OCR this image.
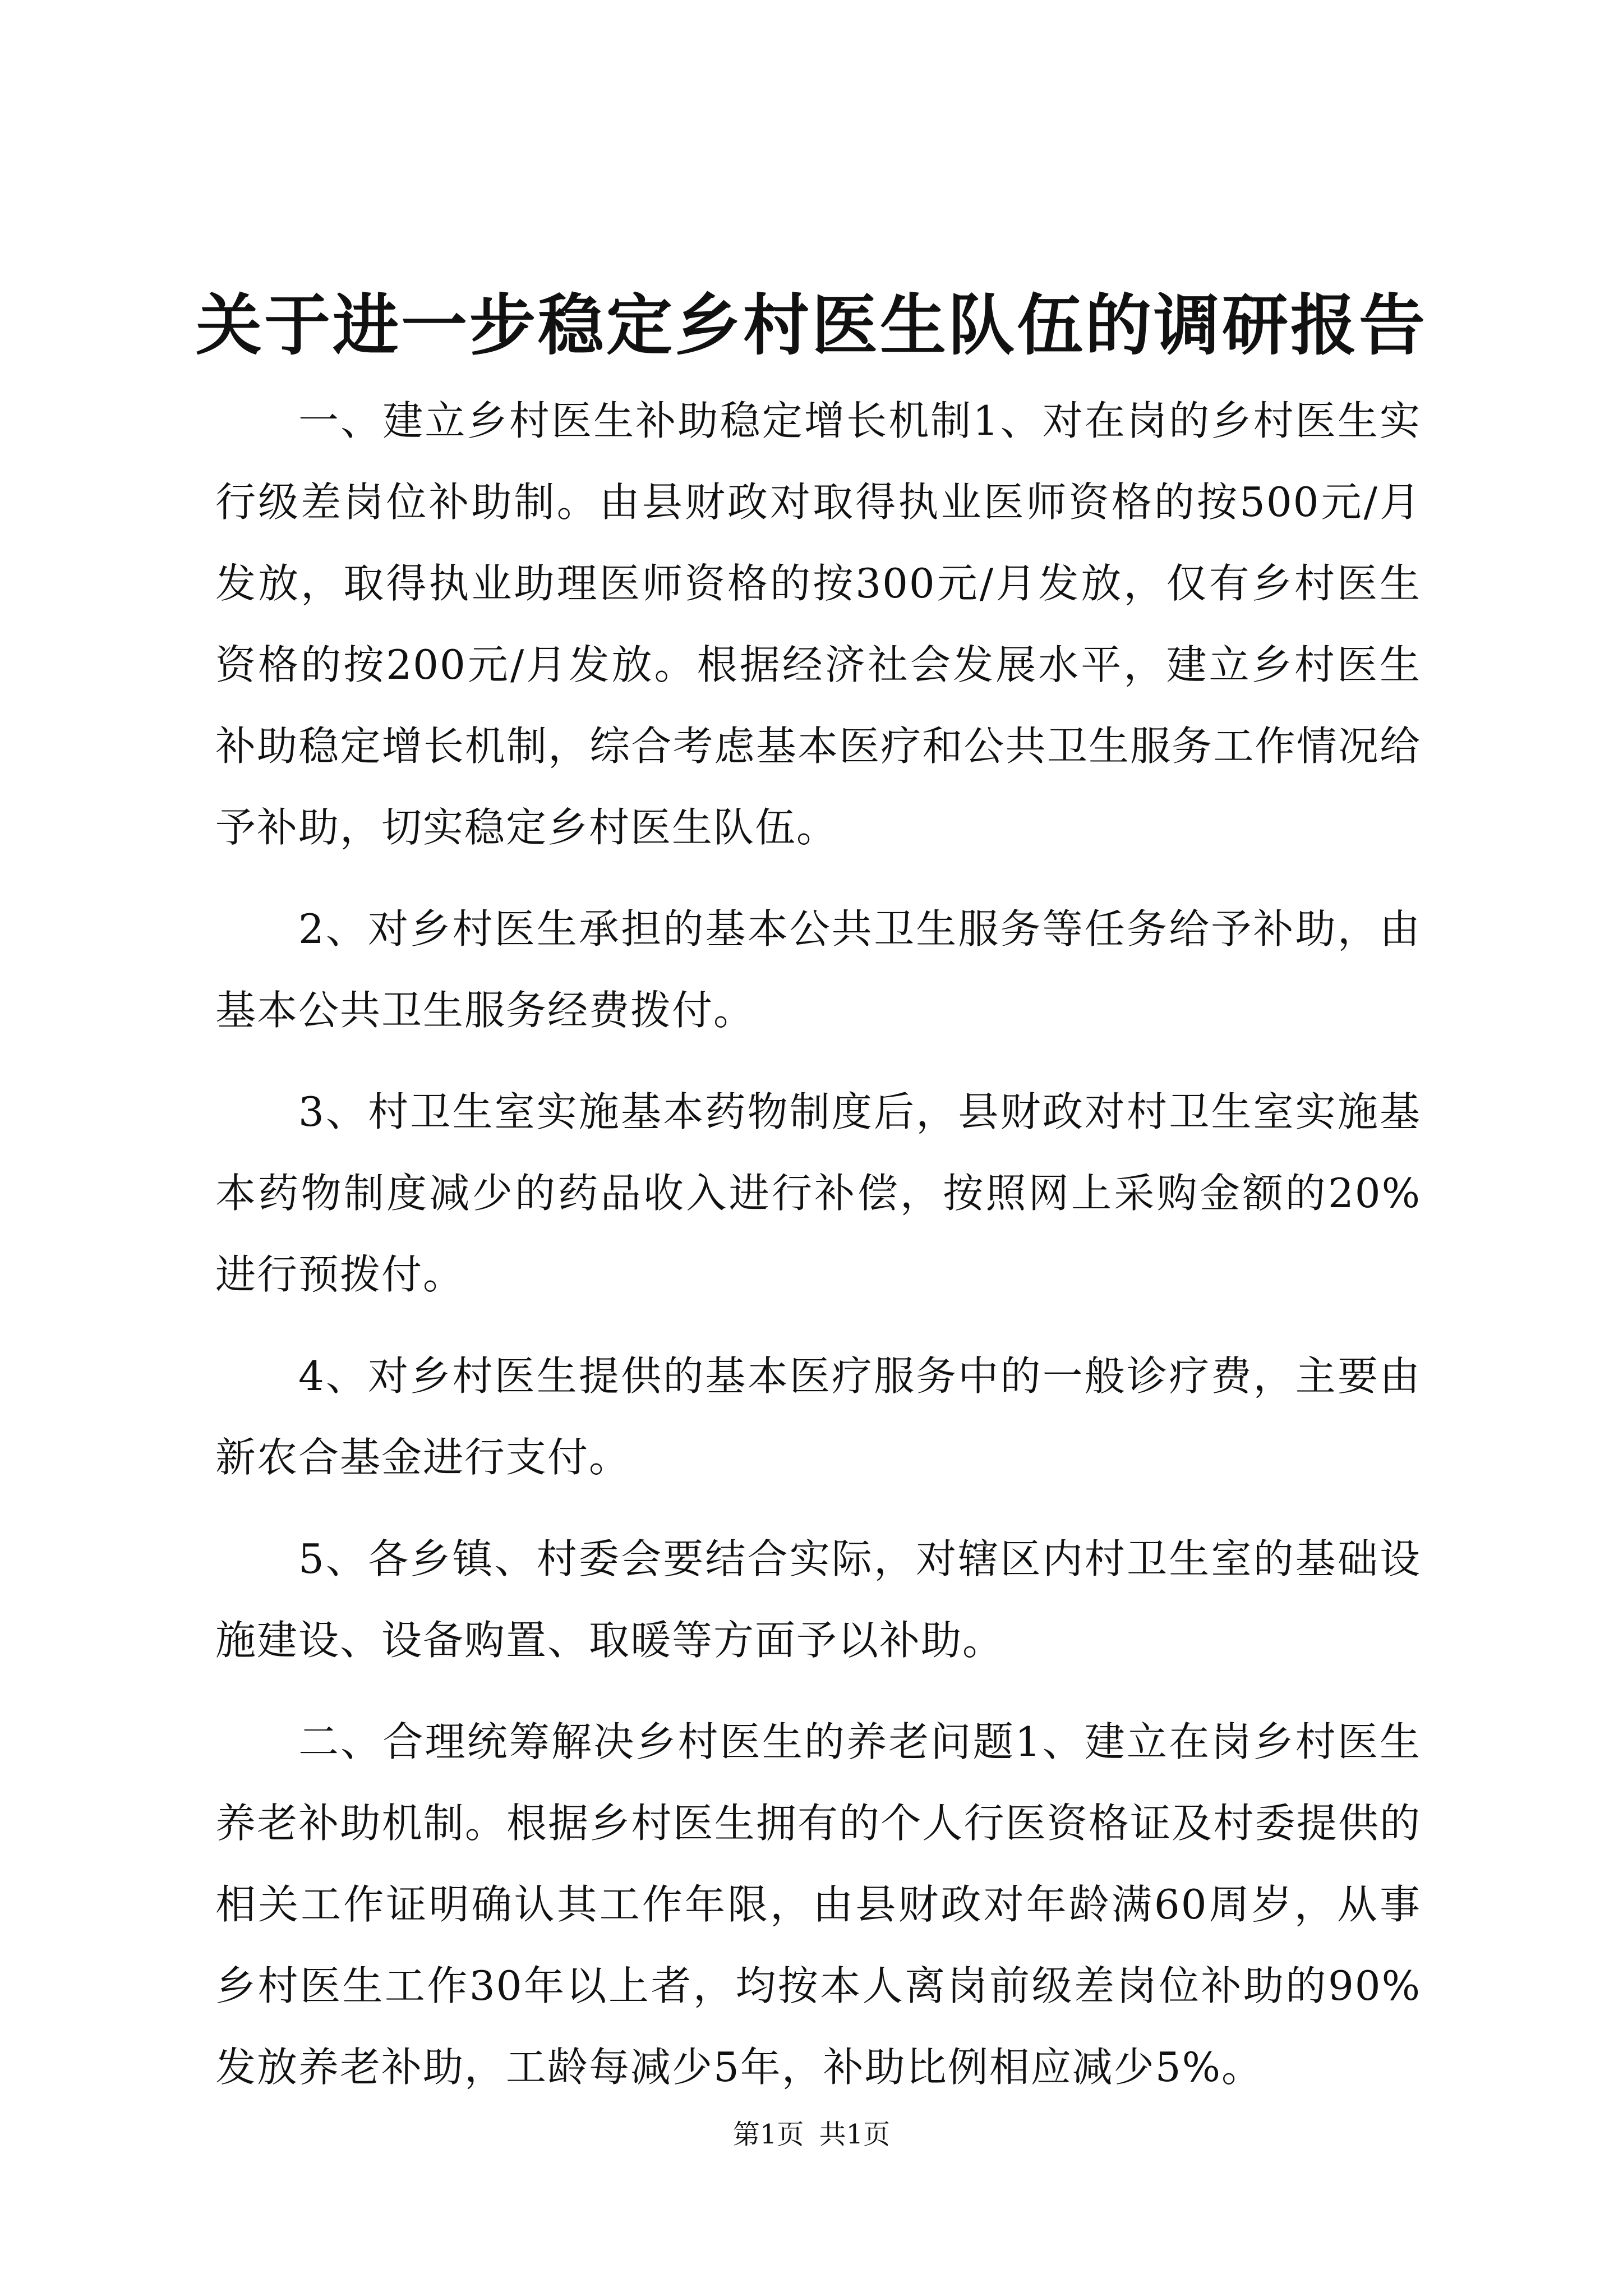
关于进一步稳定乡村医生队伍的调研报告

一、建立乡村医生补助稳定增长机制1、对在岗的乡村医生实行级差岗位补助制。由县财政对取得执业医师资格的按500元/月发放，取得执业助理医师资格的按300元/月发放，仅有乡村医生资格的按200元/月发放。根据经济社会发展水平，建立乡村医生补助稳定增长机制，综合考虑基本医疗和公共卫生服务工作情况给予补助，切实稳定乡村医生队伍。

2、对乡村医生承担的基本公共卫生服务等任务给予补助，由基本公共卫生服务经费拨付。

3、村卫生室实施基本药物制度后，县财政对村卫生室实施基本药物制度减少的药品收入进行补偿，按照网上采购金额的20%进行预拨付。

4、对乡村医生提供的基本医疗服务中的一般诊疗费，主要由新农合基金进行支付。

5、各乡镇、村委会要结合实际，对辖区内村卫生室的基础设施建设、设备购置、取暖等方面予以补助。

二、合理统筹解决乡村医生的养老问题1、建立在岗乡村医生养老补助机制。根据乡村医生拥有的个人行医资格证及村委提供的相关工作证明确认其工作年限，由县财政对年龄满60周岁，从事乡村医生工作30年以上者，均按本人离岗前级差岗位补助的90%发放养老补助，工龄每减少5年，补助比例相应减少5%。

第1页 共1页
